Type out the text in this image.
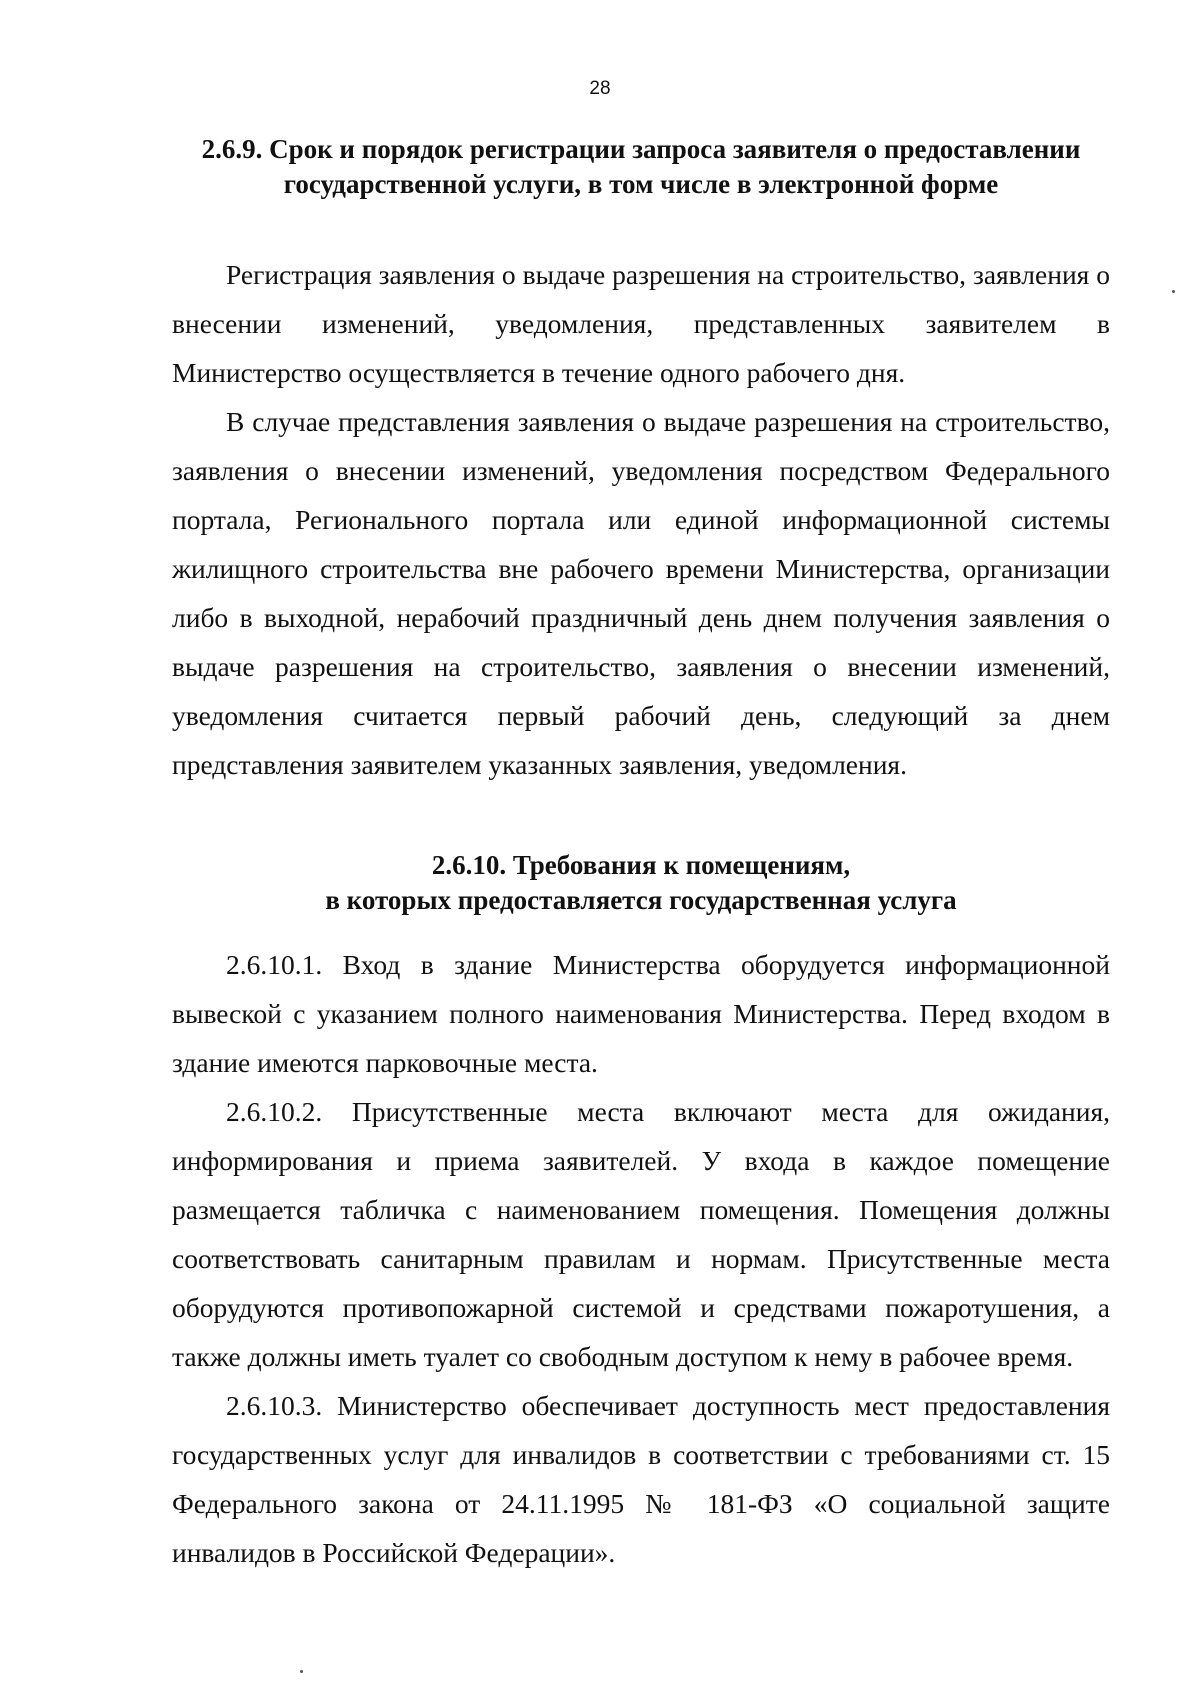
28

2.6.9. Срок и порядок регистрации запроса заявителя о предоставлении
государственной услуги, в том числе в электронной форме

Регистрация заявления о выдаче разрешения на строительство, заявления о внесении изменений, уведомления, представленных заявителем в Министерство осуществляется в течение одного рабочего дня.

В случае представления заявления о выдаче разрешения на строительство, заявления о внесении изменений, уведомления посредством Федерального портала, Регионального портала или единой информационной системы жилищного строительства вне рабочего времени Министерства, организации либо в выходной, нерабочий праздничный день днем получения заявления о выдаче разрешения на строительство, заявления о внесении изменений, уведомления считается первый рабочий день, следующий за днем представления заявителем указанных заявления, уведомления.

2.6.10. Требования к помещениям,
в которых предоставляется государственная услуга

2.6.10.1. Вход в здание Министерства оборудуется информационной вывеской с указанием полного наименования Министерства. Перед входом в здание имеются парковочные места.

2.6.10.2. Присутственные места включают места для ожидания, информирования и приема заявителей. У входа в каждое помещение размещается табличка с наименованием помещения. Помещения должны соответствовать санитарным правилам и нормам. Присутственные места оборудуются противопожарной системой и средствами пожаротушения, а также должны иметь туалет со свободным доступом к нему в рабочее время.

2.6.10.3. Министерство обеспечивает доступность мест предоставления государственных услуг для инвалидов в соответствии с требованиями ст. 15 Федерального закона от 24.11.1995 № 181-ФЗ «О социальной защите инвалидов в Российской Федерации».
